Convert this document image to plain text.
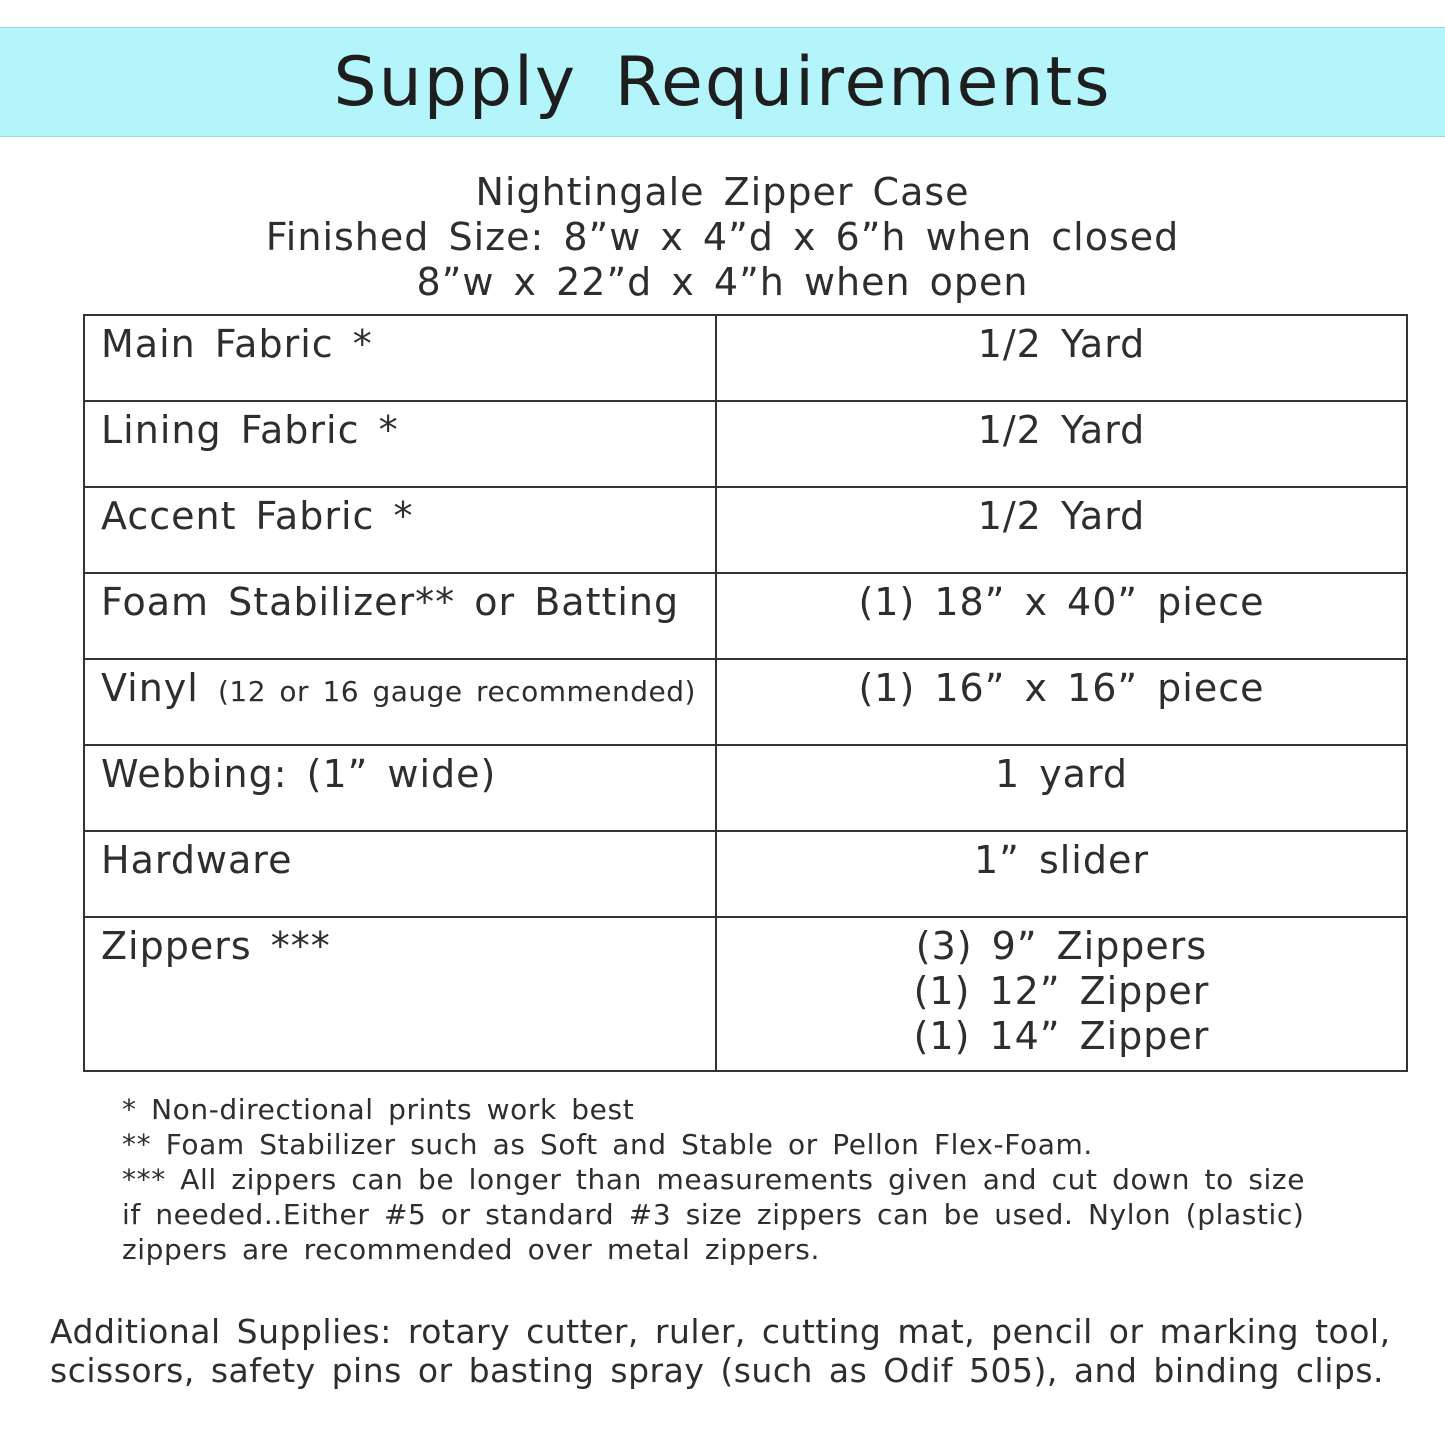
Supply Requirements
Nightingale Zipper Case
Finished Size: 8”w x 4”d x 6”h when closed
8”w x 22”d x 4”h when open
Main Fabric *	1/2 Yard

Lining Fabric *	1/2 Yard

Accent Fabric *	1/2 Yard

Foam Stabilizer** or Batting	(1) 18” x 40” piece

Vinyl (12 or 16 gauge recommended)	(1) 16” x 16” piece

Webbing: (1” wide)	1 yard

Hardware	1” slider

Zippers ***	(3) 9” Zippers
(1) 12” Zipper
(1) 14” Zipper
* Non-directional prints work best
** Foam Stabilizer such as Soft and Stable or Pellon Flex-Foam.
*** All zippers can be longer than measurements given and cut down to size
if needed..Either #5 or standard #3 size zippers can be used. Nylon (plastic)
zippers are recommended over metal zippers.
Additional Supplies: rotary cutter, ruler, cutting mat, pencil or marking tool,
scissors, safety pins or basting spray (such as Odif 505), and binding clips.
